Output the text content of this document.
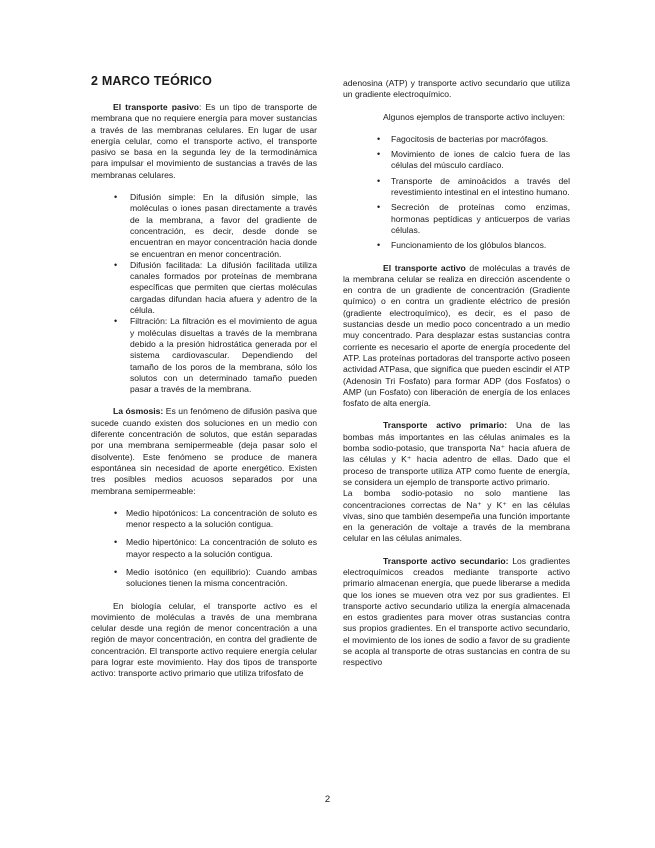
2 MARCO TEÓRICO

El transporte pasivo: Es un tipo de transporte de membrana que no requiere energía para mover sustancias a través de las membranas celulares. En lugar de usar energía celular, como el transporte activo, el transporte pasivo se basa en la segunda ley de la termodinámica para impulsar el movimiento de sustancias a través de las membranas celulares.

• Difusión simple: En la difusión simple, las moléculas o iones pasan directamente a través de la membrana, a favor del gradiente de concentración, es decir, desde donde se encuentran en mayor concentración hacia donde se encuentran en menor concentración.
• Difusión facilitada: La difusión facilitada utiliza canales formados por proteínas de membrana específicas que permiten que ciertas moléculas cargadas difundan hacia afuera y adentro de la célula.
• Filtración: La filtración es el movimiento de agua y moléculas disueltas a través de la membrana debido a la presión hidrostática generada por el sistema cardiovascular. Dependiendo del tamaño de los poros de la membrana, sólo los solutos con un determinado tamaño pueden pasar a través de la membrana.

La ósmosis: Es un fenómeno de difusión pasiva que sucede cuando existen dos soluciones en un medio con diferente concentración de solutos, que están separadas por una membrana semipermeable (deja pasar solo el disolvente). Este fenómeno se produce de manera espontánea sin necesidad de aporte energético. Existen tres posibles medios acuosos separados por una membrana semipermeable:

• Medio hipotónicos: La concentración de soluto es menor respecto a la solución contigua.
• Medio hipertónico: La concentración de soluto es mayor respecto a la solución contigua.
• Medio isotónico (en equilibrio): Cuando ambas soluciones tienen la misma concentración.

En biología celular, el transporte activo es el movimiento de moléculas a través de una membrana celular desde una región de menor concentración a una región de mayor concentración, en contra del gradiente de concentración. El transporte activo requiere energía celular para lograr este movimiento. Hay dos tipos de transporte activo: transporte activo primario que utiliza trifosfato de

adenosina (ATP) y transporte activo secundario que utiliza un gradiente electroquímico.

Algunos ejemplos de transporte activo incluyen:

• Fagocitosis de bacterias por macrófagos.
• Movimiento de iones de calcio fuera de las células del músculo cardíaco.
• Transporte de aminoácidos a través del revestimiento intestinal en el intestino humano.
• Secreción de proteínas como enzimas, hormonas peptídicas y anticuerpos de varias células.
• Funcionamiento de los glóbulos blancos.

El transporte activo de moléculas a través de la membrana celular se realiza en dirección ascendente o en contra de un gradiente de concentración (Gradiente químico) o en contra un gradiente eléctrico de presión (gradiente electroquímico), es decir, es el paso de sustancias desde un medio poco concentrado a un medio muy concentrado. Para desplazar estas sustancias contra corriente es necesario el aporte de energía procedente del ATP. Las proteínas portadoras del transporte activo poseen actividad ATPasa, que significa que pueden escindir el ATP (Adenosin Tri Fosfato) para formar ADP (dos Fosfatos) o AMP (un Fosfato) con liberación de energía de los enlaces fosfato de alta energía.

Transporte activo primario: Una de las bombas más importantes en las células animales es la bomba sodio-potasio, que transporta Na⁺ hacia afuera de las células y K⁺ hacia adentro de ellas. Dado que el proceso de transporte utiliza ATP como fuente de energía, se considera un ejemplo de transporte activo primario.

La bomba sodio-potasio no solo mantiene las concentraciones correctas de Na⁺ y K⁺ en las células vivas, sino que también desempeña una función importante en la generación de voltaje a través de la membrana celular en las células animales.

Transporte activo secundario: Los gradientes electroquímicos creados mediante transporte activo primario almacenan energía, que puede liberarse a medida que los iones se mueven otra vez por sus gradientes. El transporte activo secundario utiliza la energía almacenada en estos gradientes para mover otras sustancias contra sus propios gradientes. En el transporte activo secundario, el movimiento de los iones de sodio a favor de su gradiente se acopla al transporte de otras sustancias en contra de su respectivo

2
